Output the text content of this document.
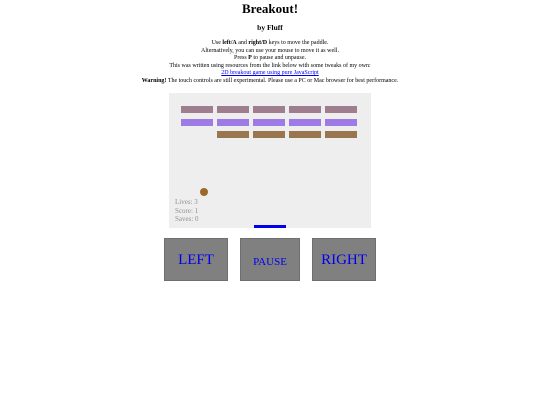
Breakout!
by Fluff

Use left/A and right/D keys to move the paddle.

Alternatively, you can use your mouse to move it as well.

Press P to pause and unpause.

This was written using resources from the link below with some tweaks of my own:

2D breakout game using pure JavaScript

Warning! The touch controls are still experimental. Please use a PC or Mac browser for best performance.

Lives: 3
Score: 1
Saves: 0
LEFT	PAUSE	RIGHT
